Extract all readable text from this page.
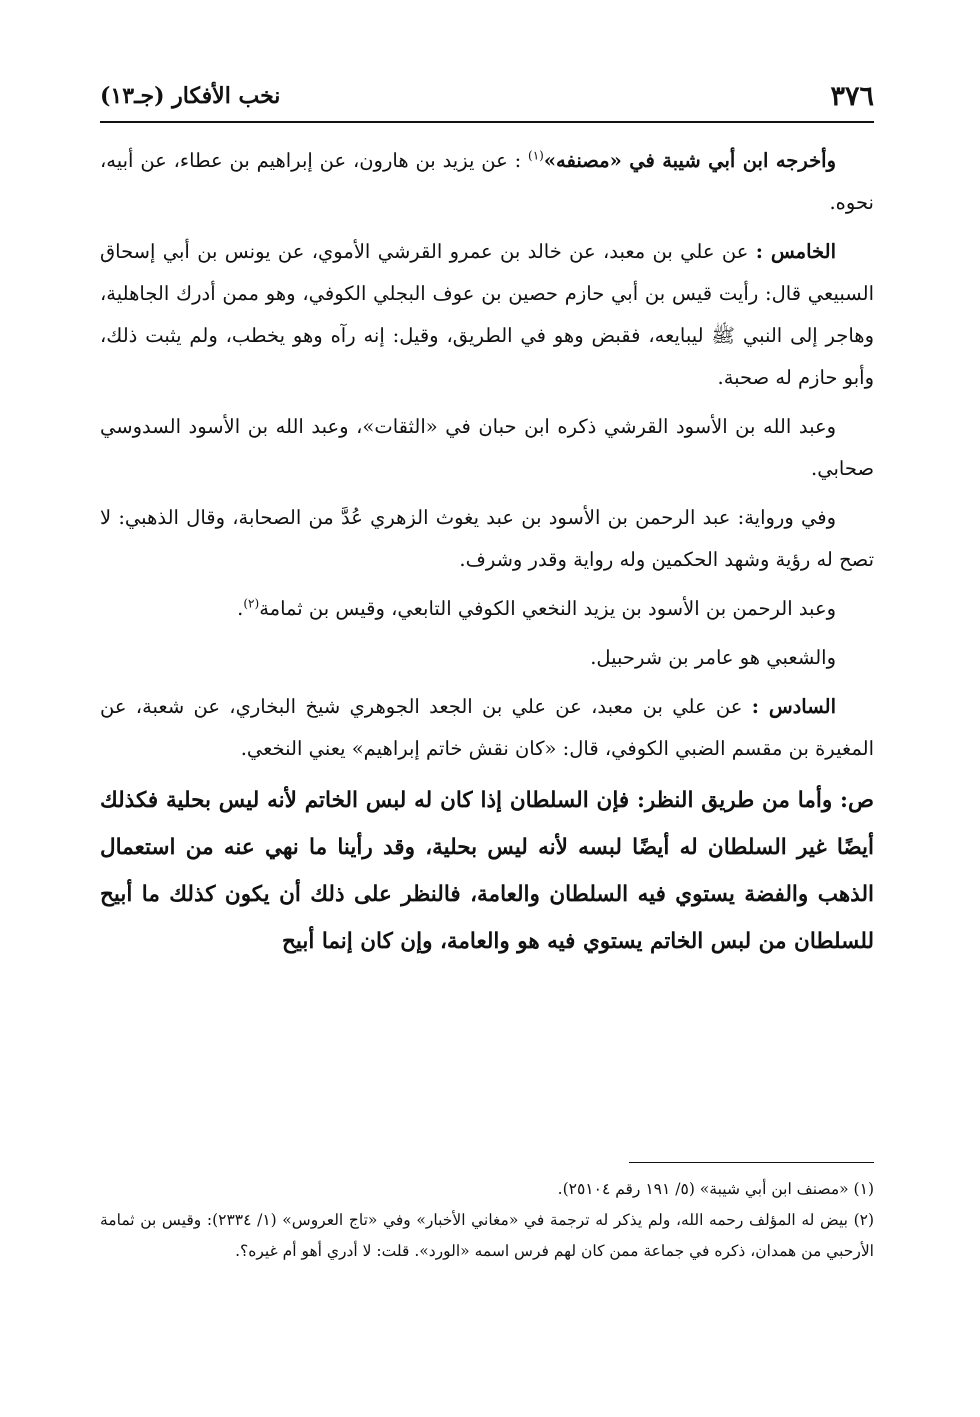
٣٧٦
نخب الأفكار (جـ١٣)

وأخرجه ابن أبي شيبة في «مصنفه»$^{(١)}$ : عن يزيد بن هارون، عن إبراهيم بن عطاء، عن أبيه، نحوه.

الخامس : عن علي بن معبد، عن خالد بن عمرو القرشي الأموي، عن يونس بن أبي إسحاق السبيعي قال: رأيت قيس بن أبي حازم حصين بن عوف البجلي الكوفي، وهو ممن أدرك الجاهلية، وهاجر إلى النبي ﷺ ليبايعه، فقبض وهو في الطريق، وقيل: إنه رآه وهو يخطب، ولم يثبت ذلك، وأبو حازم له صحبة.

وعبد الله بن الأسود القرشي ذكره ابن حبان في «الثقات»، وعبد الله بن الأسود السدوسي صحابي.

وفي ورواية: عبد الرحمن بن الأسود بن عبد يغوث الزهري عُدَّ من الصحابة، وقال الذهبي: لا تصح له رؤية وشهد الحكمين وله رواية وقدر وشرف.

وعبد الرحمن بن الأسود بن يزيد النخعي الكوفي التابعي، وقيس بن ثمامة$^{(٢)}$.

والشعبي هو عامر بن شرحبيل.

السادس : عن علي بن معبد، عن علي بن الجعد الجوهري شيخ البخاري، عن شعبة، عن المغيرة بن مقسم الضبي الكوفي، قال: «كان نقش خاتم إبراهيم» يعني النخعي.

ص: وأما من طريق النظر: فإن السلطان إذا كان له لبس الخاتم لأنه ليس بحلية فكذلك أيضًا غير السلطان له أيضًا لبسه لأنه ليس بحلية، وقد رأينا ما نهي عنه من استعمال الذهب والفضة يستوي فيه السلطان والعامة، فالنظر على ذلك أن يكون كذلك ما أبيح للسلطان من لبس الخاتم يستوي فيه هو والعامة، وإن كان إنما أبيح

(١) «مصنف ابن أبي شيبة» (٥/ ١٩١ رقم ٢٥١٠٤).

(٢) بيض له المؤلف رحمه الله، ولم يذكر له ترجمة في «مغاني الأخبار» وفي «تاج العروس» (١/ ٢٣٣٤): وقيس بن ثمامة الأرحبي من همدان، ذكره في جماعة ممن كان لهم فرس اسمه «الورد». قلت: لا أدري أهو أم غيره؟.
